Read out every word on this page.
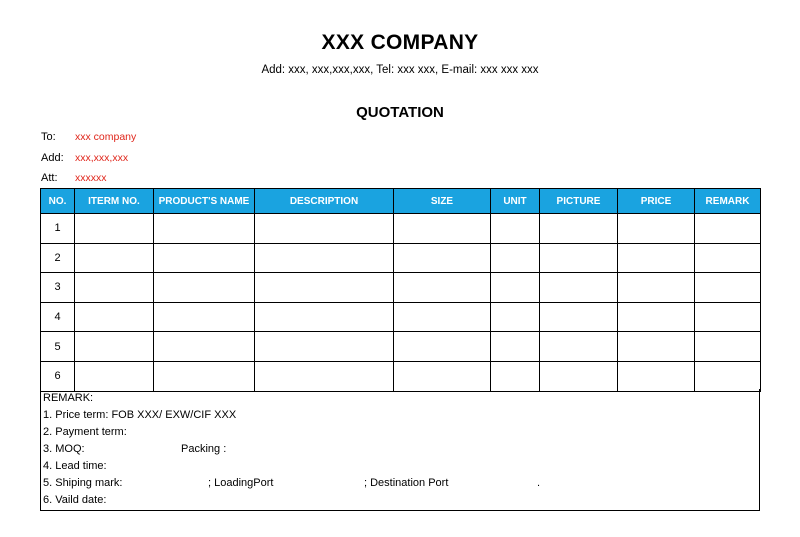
XXX COMPANY
Add: xxx, xxx,xxx,xxx, Tel: xxx xxx, E-mail: xxx xxx xxx
QUOTATION
To: xxx company
Add: xxx,xxx,xxx
Att: xxxxxx
NO.	ITERM NO.	PRODUCT'S NAME	DESCRIPTION	SIZE	UNIT	PICTURE	PRICE	REMARK
1								
2								
3								
4								
5								
6								
REMARK:
1. Price term: FOB XXX/ EXW/CIF XXX
2. Payment term:
3. MOQ:	Packing :
4. Lead time:
5. Shiping mark:	; LoadingPort	; Destination Port	.
6. Vaild date:
